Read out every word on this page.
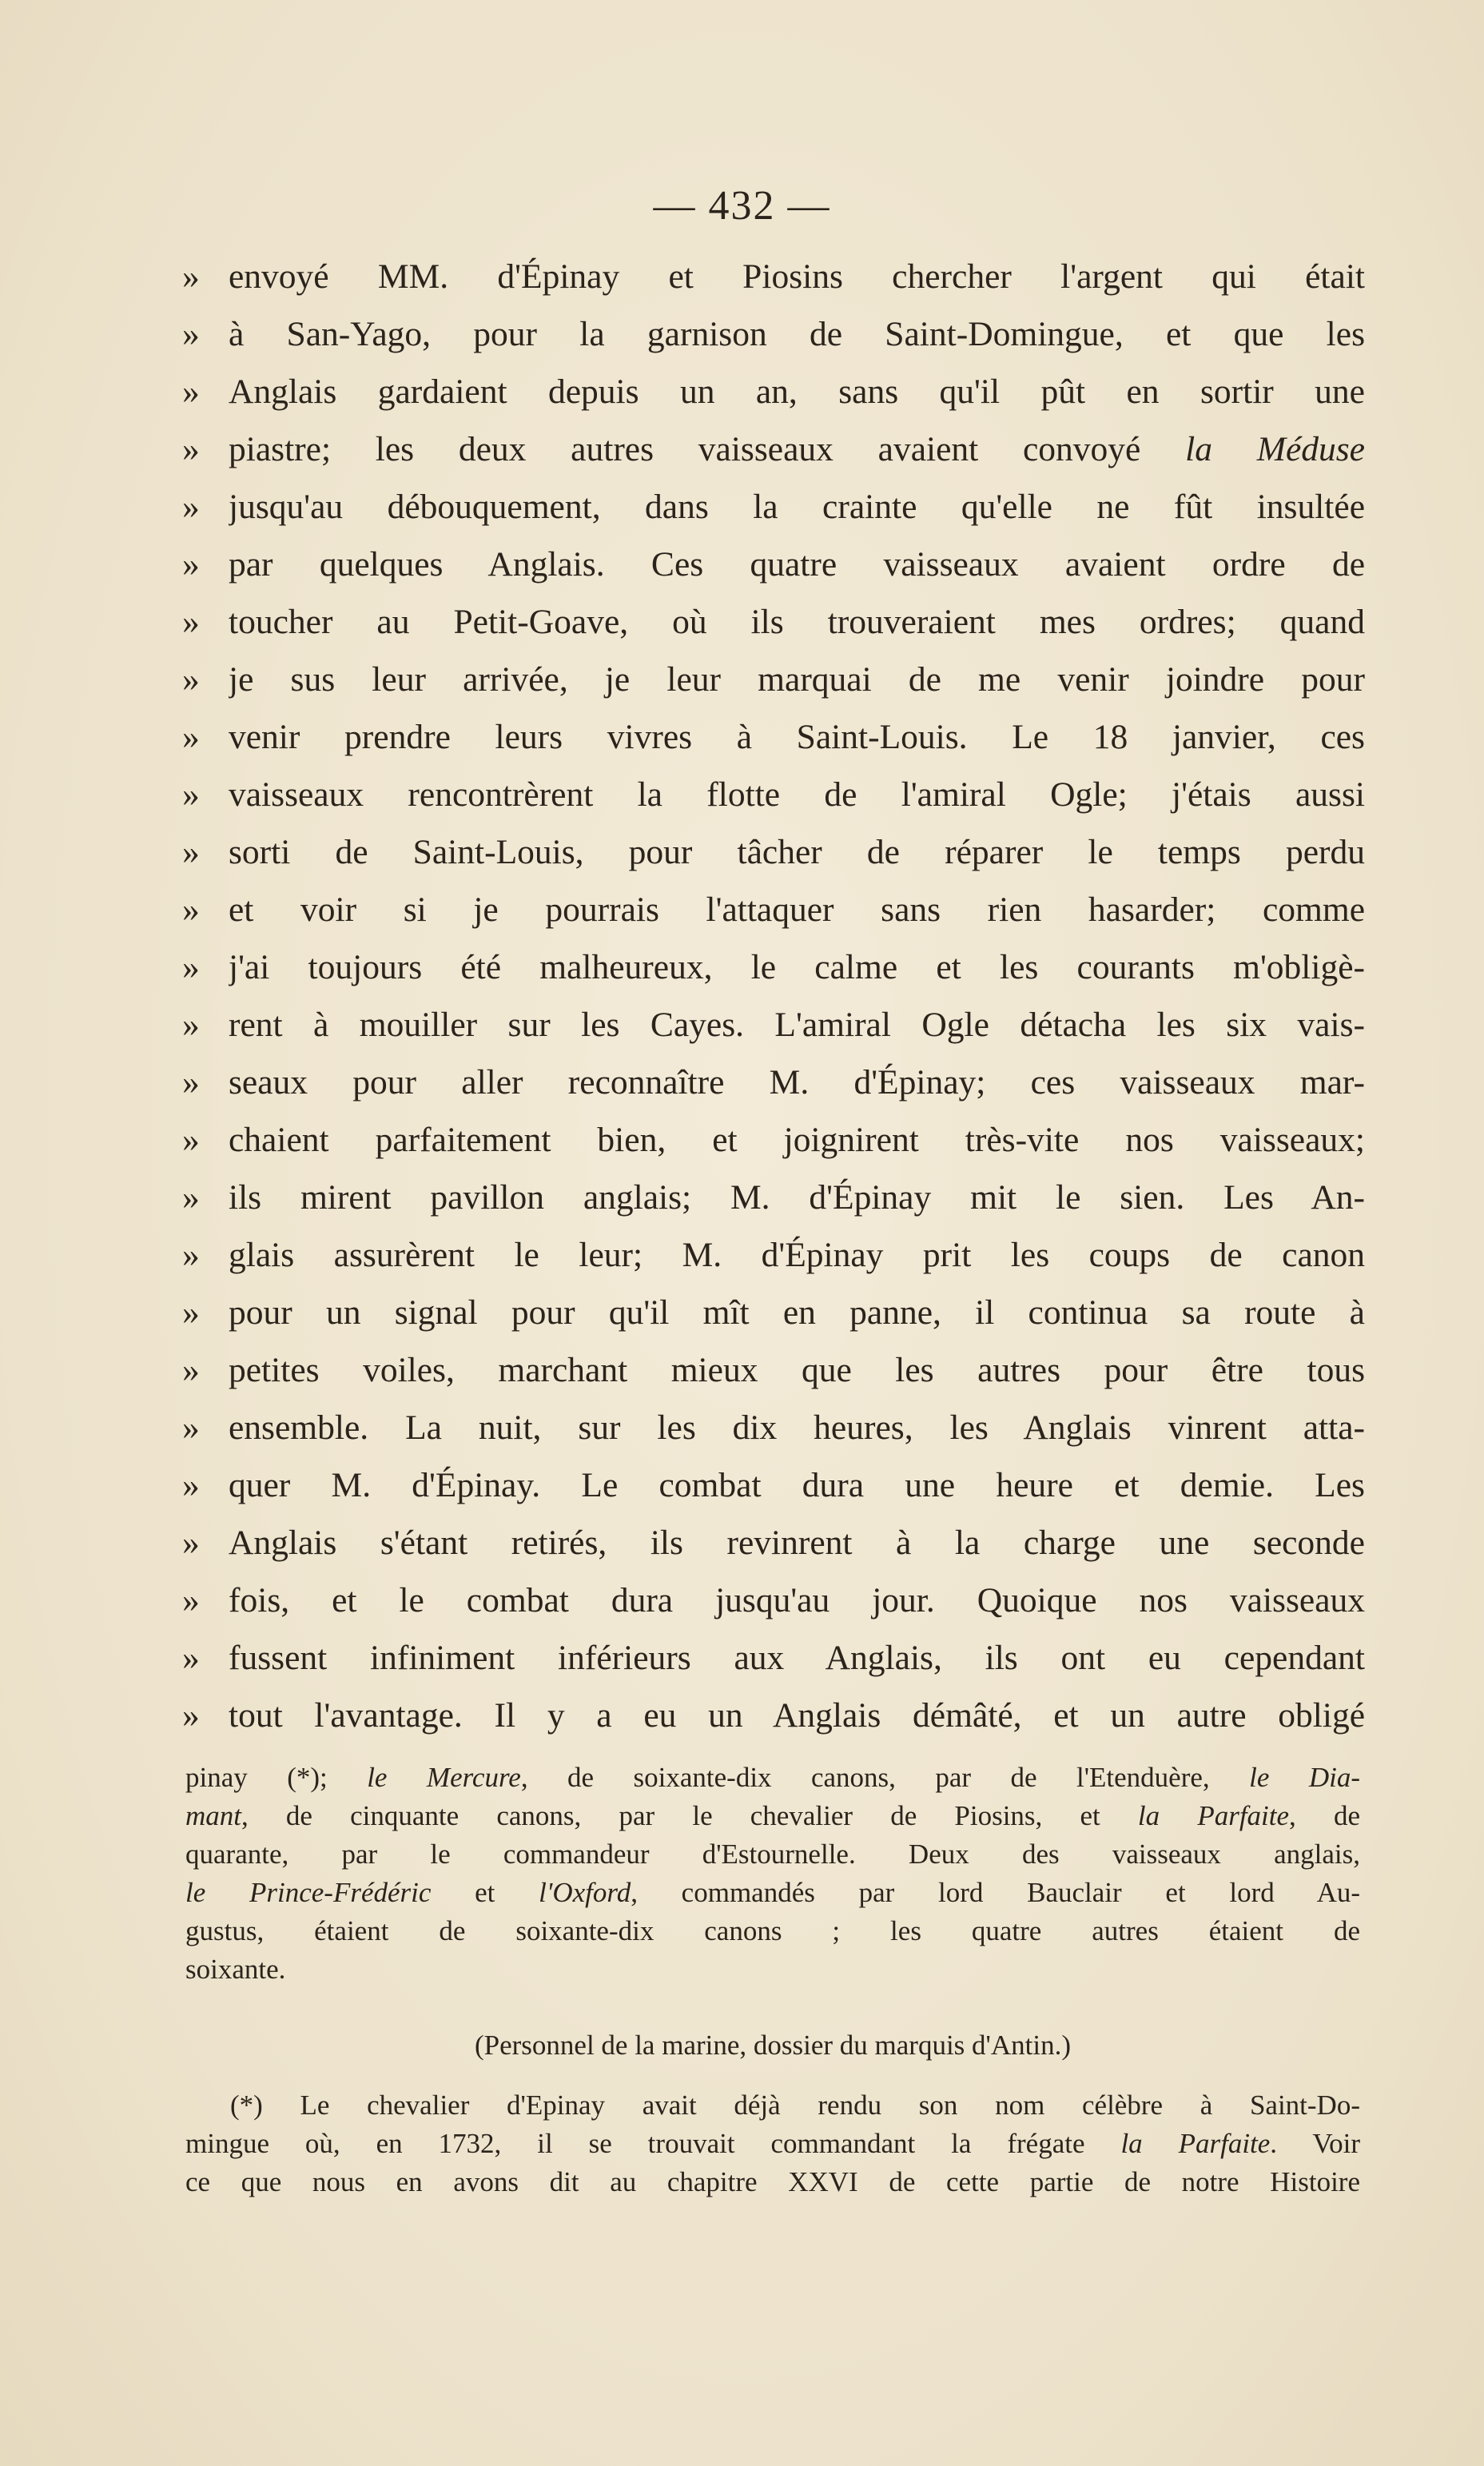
— 432 —
» envoyé MM. d'Épinay et Piosins chercher l'argent qui était
» à San-Yago, pour la garnison de Saint-Domingue, et que les
» Anglais gardaient depuis un an, sans qu'il pût en sortir une
» piastre; les deux autres vaisseaux avaient convoyé la Méduse
» jusqu'au débouquement, dans la crainte qu'elle ne fût insultée
» par quelques Anglais. Ces quatre vaisseaux avaient ordre de
» toucher au Petit-Goave, où ils trouveraient mes ordres; quand
» je sus leur arrivée, je leur marquai de me venir joindre pour
» venir prendre leurs vivres à Saint-Louis. Le 18 janvier, ces
» vaisseaux rencontrèrent la flotte de l'amiral Ogle; j'étais aussi
» sorti de Saint-Louis, pour tâcher de réparer le temps perdu
» et voir si je pourrais l'attaquer sans rien hasarder; comme
» j'ai toujours été malheureux, le calme et les courants m'obligè-
» rent à mouiller sur les Cayes. L'amiral Ogle détacha les six vais-
» seaux pour aller reconnaître M. d'Épinay; ces vaisseaux mar-
» chaient parfaitement bien, et joignirent très-vite nos vaisseaux;
» ils mirent pavillon anglais; M. d'Épinay mit le sien. Les An-
» glais assurèrent le leur; M. d'Épinay prit les coups de canon
» pour un signal pour qu'il mît en panne, il continua sa route à
» petites voiles, marchant mieux que les autres pour être tous
» ensemble. La nuit, sur les dix heures, les Anglais vinrent atta-
» quer M. d'Épinay. Le combat dura une heure et demie. Les
» Anglais s'étant retirés, ils revinrent à la charge une seconde
» fois, et le combat dura jusqu'au jour. Quoique nos vaisseaux
» fussent infiniment inférieurs aux Anglais, ils ont eu cependant
» tout l'avantage. Il y a eu un Anglais démâté, et un autre obligé
pinay (*); le Mercure, de soixante-dix canons, par de l'Etenduère, le Dia-
mant, de cinquante canons, par le chevalier de Piosins, et la Parfaite, de
quarante, par le commandeur d'Estournelle. Deux des vaisseaux anglais,
le Prince-Frédéric et l'Oxford, commandés par lord Bauclair et lord Au-
gustus, étaient de soixante-dix canons ; les quatre autres étaient de
soixante.
(Personnel de la marine, dossier du marquis d'Antin.)
(*) Le chevalier d'Epinay avait déjà rendu son nom célèbre à Saint-Do-
mingue où, en 1732, il se trouvait commandant la frégate la Parfaite. Voir
ce que nous en avons dit au chapitre XXVI de cette partie de notre Histoire
